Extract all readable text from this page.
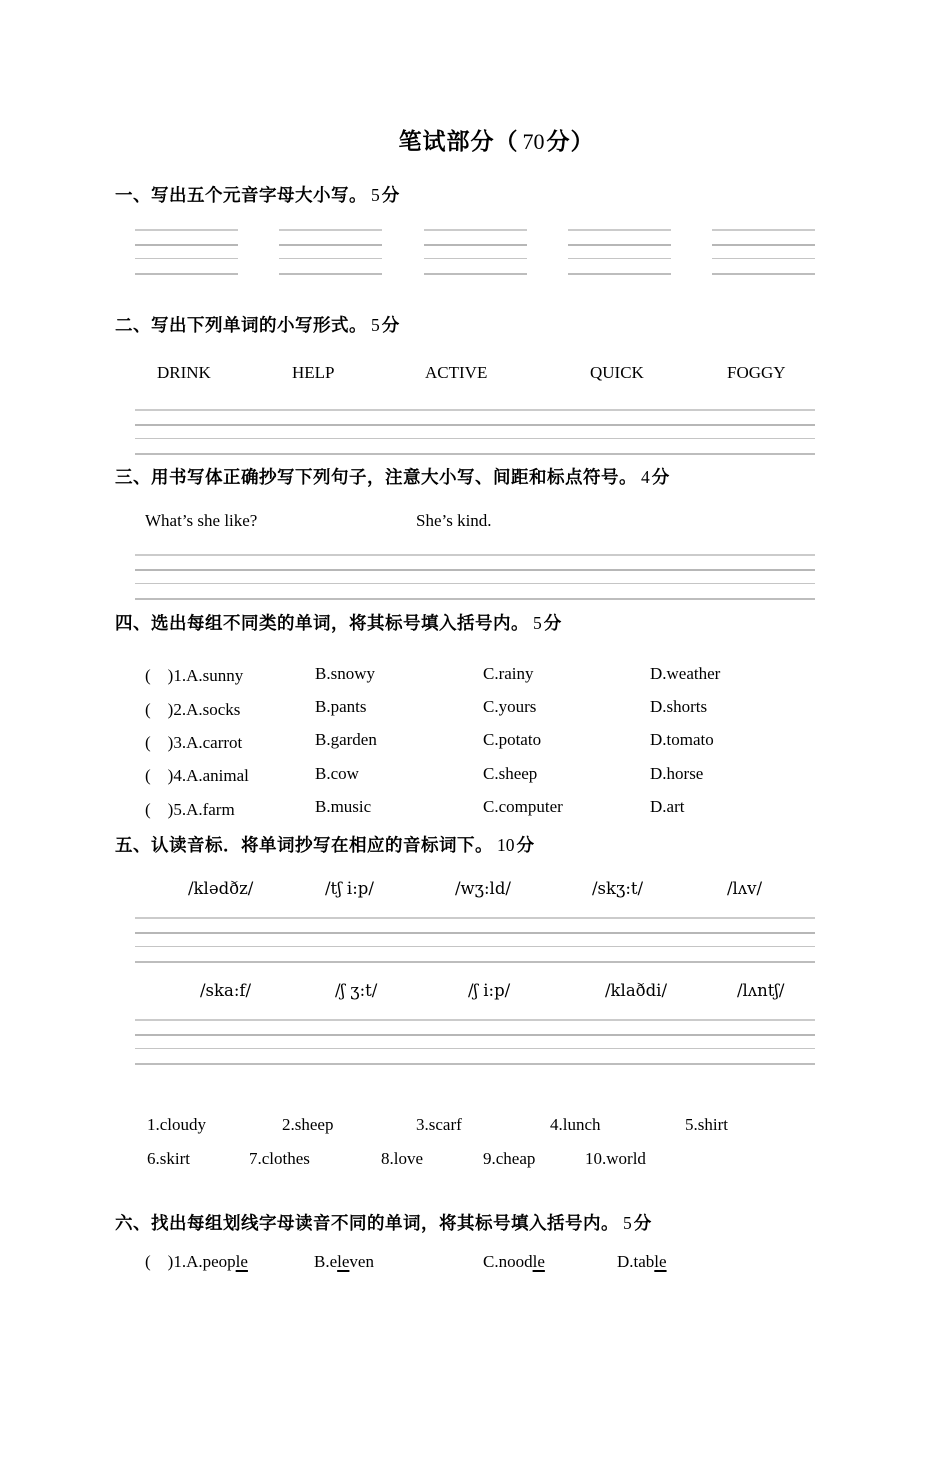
笔试部分（ 70分）
一、写出五个元音字母大小写。 5 分
二、写出下列单词的小写形式。 5 分
DRINK	HELP	ACTIVE	QUICK	FOGGY
三、用书写体正确抄写下列句子，注意大小写、间距和标点符号。 4 分
What’s she like?	She’s kind.
四、选出每组不同类的单词，将其标号填入括号内。 5 分
(　)1.A.sunny	B.snowy	C.rainy	D.weather
(　)2.A.socks	B.pants	C.yours	D.shorts
(　)3.A.carrot	B.garden	C.potato	D.tomato
(　)4.A.animal	B.cow	C.sheep	D.horse
(　)5.A.farm	B.music	C.computer	D.art
五、认读音标．将单词抄写在相应的音标词下。 10 分
/klədðz/	/tʃ i:p/	/wʒ:ld/	/skʒ:t/	/lʌv/
/ska:f/	/ʃ ʒ:t/	/ʃ i:p/	/klaðdi/	/lʌntʃ/
1.cloudy	2.sheep	3.scarf	4.lunch	5.shirt
6.skirt	7.clothes	8.love	9.cheap	10.world
六、找出每组划线字母读音不同的单词，将其标号填入括号内。 5 分
(　)1.A.people	B.eleven	C.noodle	D.table
